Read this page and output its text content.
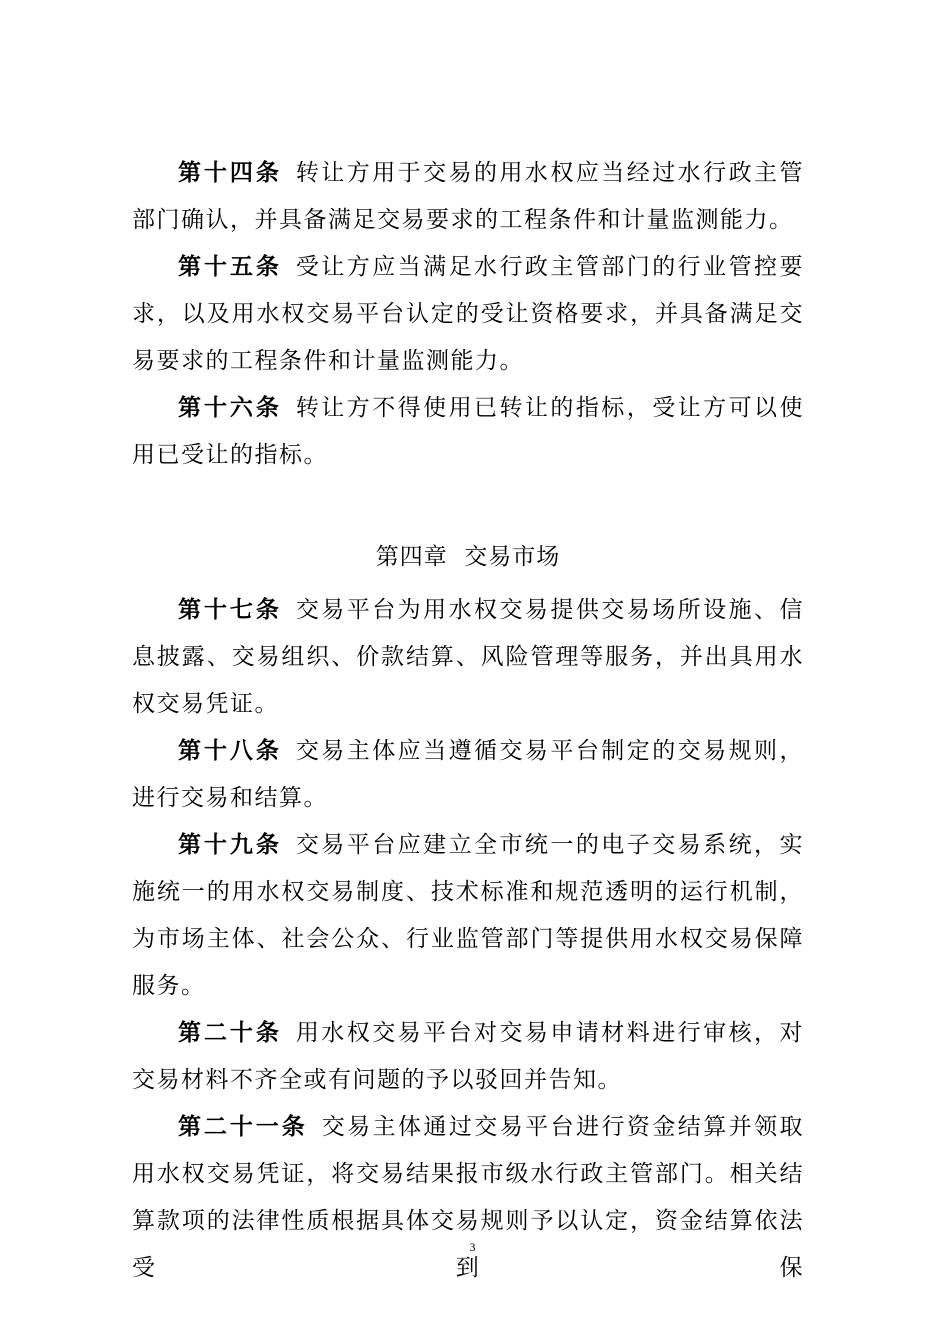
第十四条 转让方用于交易的用水权应当经过水行政主管部门确认，并具备满足交易要求的工程条件和计量监测能力。

第十五条 受让方应当满足水行政主管部门的行业管控要求，以及用水权交易平台认定的受让资格要求，并具备满足交易要求的工程条件和计量监测能力。

第十六条 转让方不得使用已转让的指标，受让方可以使用已受让的指标。

第四章  交易市场

第十七条 交易平台为用水权交易提供交易场所设施、信息披露、交易组织、价款结算、风险管理等服务，并出具用水权交易凭证。

第十八条 交易主体应当遵循交易平台制定的交易规则，进行交易和结算。

第十九条 交易平台应建立全市统一的电子交易系统，实施统一的用水权交易制度、技术标准和规范透明的运行机制，为市场主体、社会公众、行业监管部门等提供用水权交易保障服务。

第二十条 用水权交易平台对交易申请材料进行审核，对交易材料不齐全或有问题的予以驳回并告知。

第二十一条 交易主体通过交易平台进行资金结算并领取用水权交易凭证，将交易结果报市级水行政主管部门。相关结算款项的法律性质根据具体交易规则予以认定，资金结算依法受到保

3
